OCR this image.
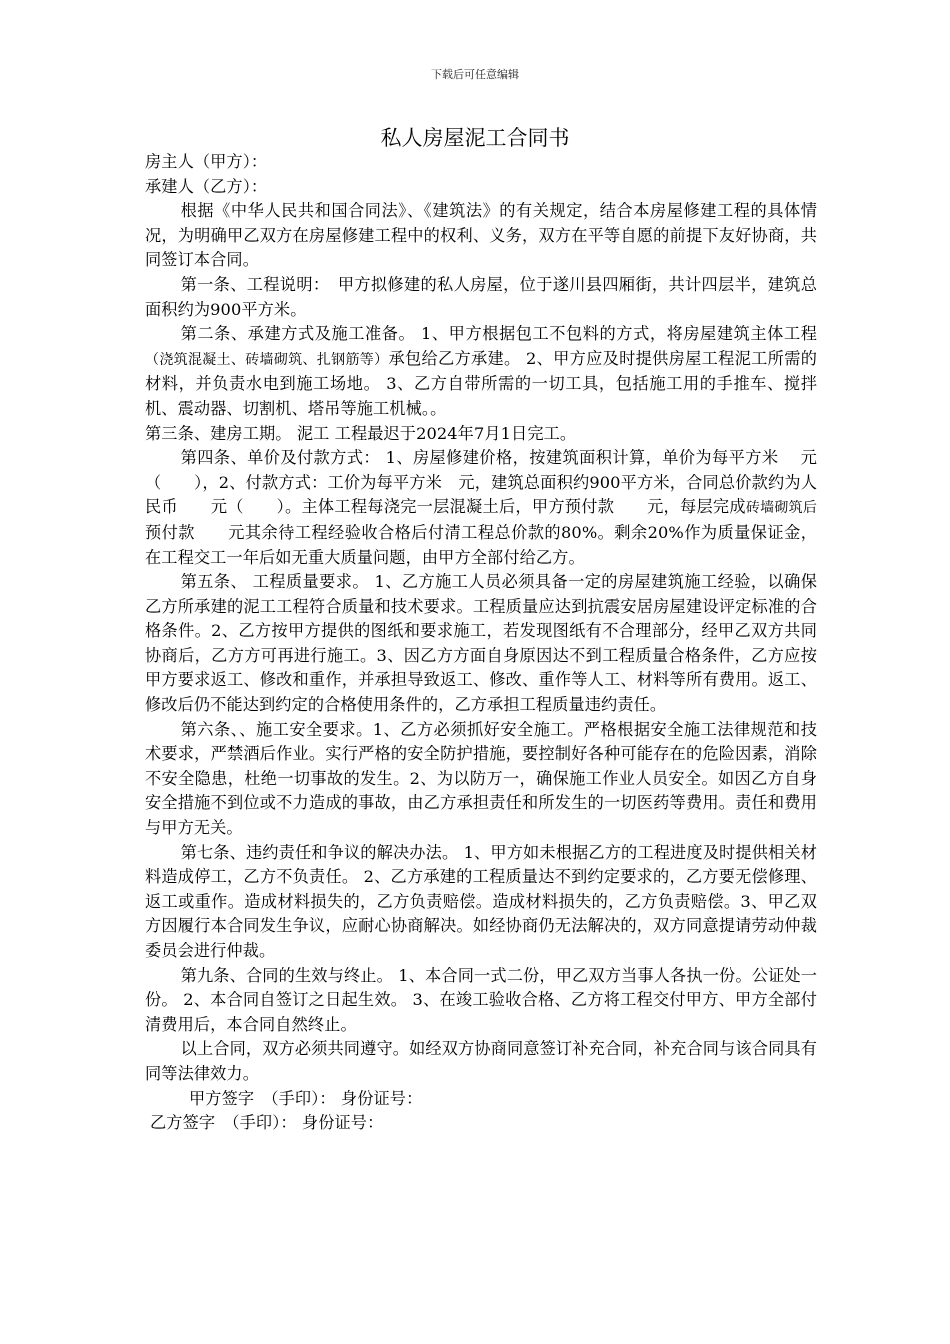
下载后可任意编辑
私人房屋泥工合同书

房主人（甲方）：

承建人（乙方）：

根据《中华人民共和国合同法》、《建筑法》的有关规定，结合本房屋修建工程的具体情况，为明确甲乙双方在房屋修建工程中的权利、义务，双方在平等自愿的前提下友好协商，共同签订本合同。

第一条、工程说明：　甲方拟修建的私人房屋，位于遂川县四厢街，共计四层半，建筑总面积约为900平方米。

第二条、承建方式及施工准备。 1、甲方根据包工不包料的方式，将房屋建筑主体工程（浇筑混凝土、砖墙砌筑、扎钢筋等）承包给乙方承建。 2、甲方应及时提供房屋工程泥工所需的材料，并负责水电到施工场地。 3、乙方自带所需的一切工具，包括施工用的手推车、搅拌机、震动器、切割机、塔吊等施工机械。。

第三条、建房工期。 泥工 工程最迟于2024年7月1日完工。

第四条、单价及付款方式： 1、房屋修建价格，按建筑面积计算，单价为每平方米　 元（　　），2、付款方式：工价为每平方米　元，建筑总面积约900平方米，合同总价款约为人民币　　元（　　）。主体工程每浇完一层混凝土后，甲方预付款　　元，每层完成砖墙砌筑后预付款　　元其余待工程经验收合格后付清工程总价款的80%。剩余20%作为质量保证金，在工程交工一年后如无重大质量问题，由甲方全部付给乙方。

第五条、 工程质量要求。 1、乙方施工人员必须具备一定的房屋建筑施工经验，以确保乙方所承建的泥工工程符合质量和技术要求。工程质量应达到抗震安居房屋建设评定标准的合格条件。2、乙方按甲方提供的图纸和要求施工，若发现图纸有不合理部分，经甲乙双方共同协商后，乙方方可再进行施工。3、因乙方方面自身原因达不到工程质量合格条件，乙方应按甲方要求返工、修改和重作，并承担导致返工、修改、重作等人工、材料等所有费用。返工、修改后仍不能达到约定的合格使用条件的，乙方承担工程质量违约责任。

第六条、、施工安全要求。1、乙方必须抓好安全施工。严格根据安全施工法律规范和技术要求，严禁酒后作业。实行严格的安全防护措施，要控制好各种可能存在的危险因素，消除不安全隐患，杜绝一切事故的发生。2、为以防万一，确保施工作业人员安全。如因乙方自身安全措施不到位或不力造成的事故，由乙方承担责任和所发生的一切医药等费用。责任和费用与甲方无关。

第七条、违约责任和争议的解决办法。 1、甲方如未根据乙方的工程进度及时提供相关材料造成停工，乙方不负责任。 2、乙方承建的工程质量达不到约定要求的，乙方要无偿修理、返工或重作。造成材料损失的，乙方负责赔偿。造成材料损失的，乙方负责赔偿。3、甲乙双方因履行本合同发生争议，应耐心协商解决。如经协商仍无法解决的，双方同意提请劳动仲裁委员会进行仲裁。

第九条、合同的生效与终止。 1、本合同一式二份，甲乙双方当事人各执一份。公证处一份。 2、本合同自签订之日起生效。 3、在竣工验收合格、乙方将工程交付甲方、甲方全部付清费用后，本合同自然终止。

以上合同，双方必须共同遵守。如经双方协商同意签订补充合同，补充合同与该合同具有同等法律效力。

甲方签字　（手印）： 身份证号：

乙方签字　（手印）： 身份证号：
